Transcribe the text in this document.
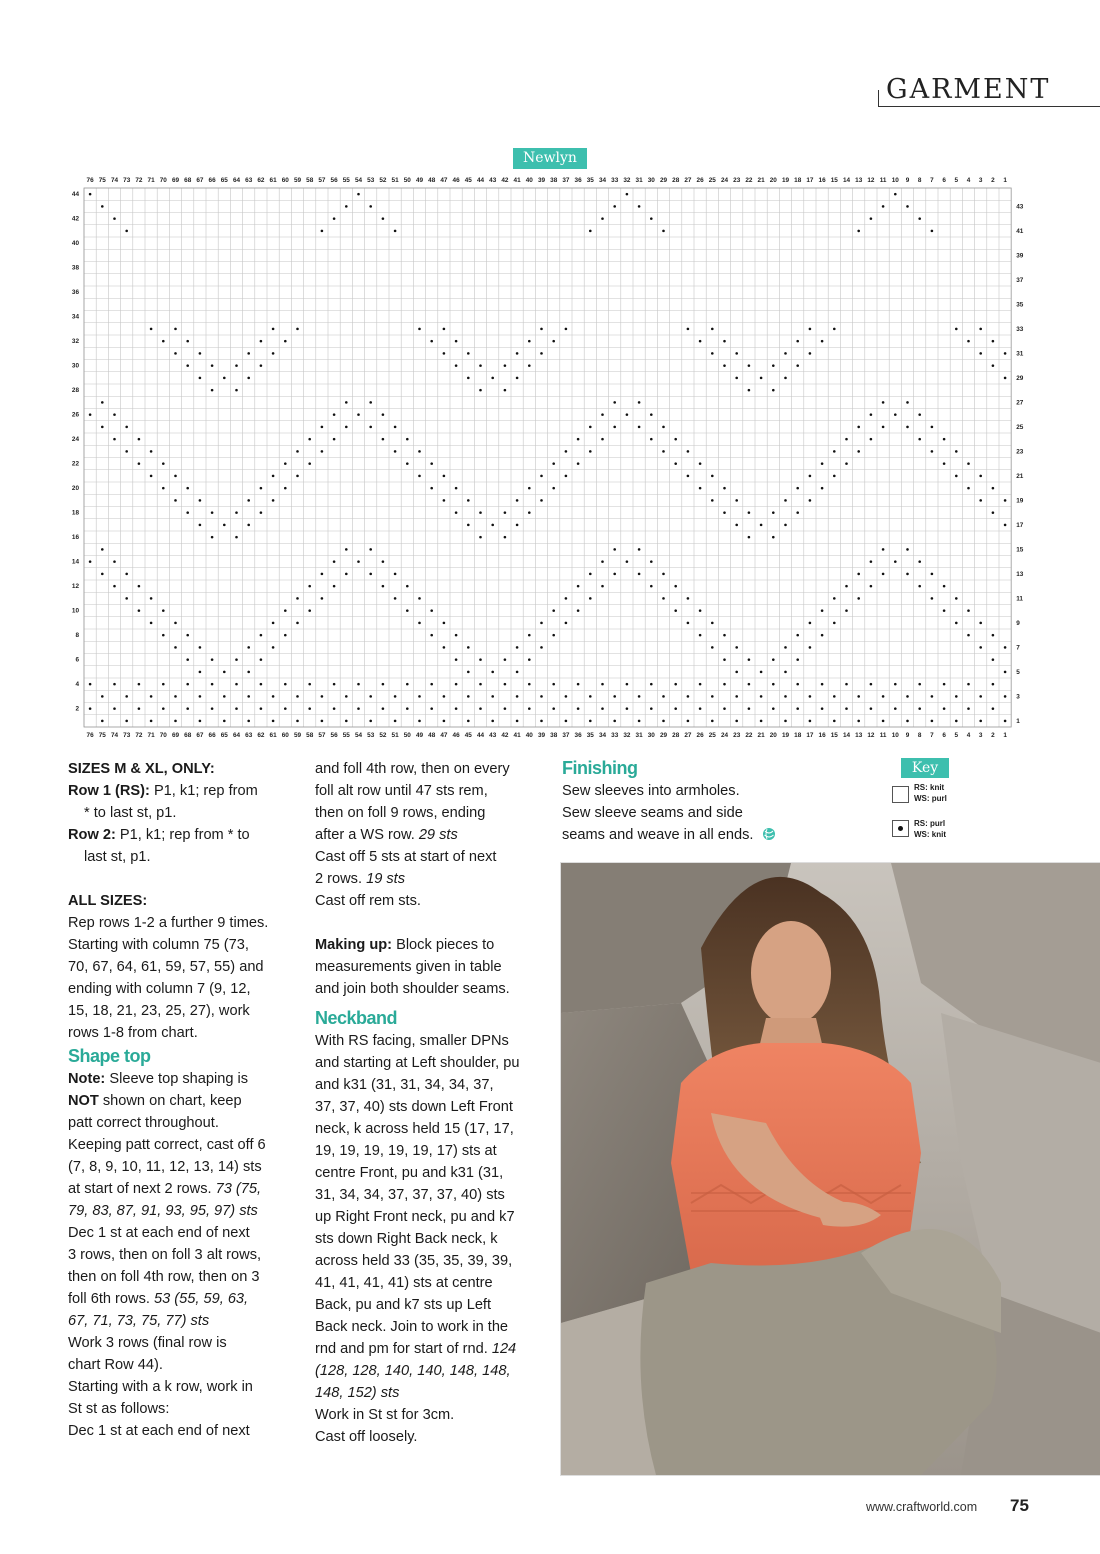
GARMENT
Newlyn
76
76
75
75
74
74
73
73
72
72
71
71
70
70
69
69
68
68
67
67
66
66
65
65
64
64
63
63
62
62
61
61
60
60
59
59
58
58
57
57
56
56
55
55
54
54
53
53
52
52
51
51
50
50
49
49
48
48
47
47
46
46
45
45
44
44
43
43
42
42
41
41
40
40
39
39
38
38
37
37
36
36
35
35
34
34
33
33
32
32
31
31
30
30
29
29
28
28
27
27
26
26
25
25
24
24
23
23
22
22
21
21
20
20
19
19
18
18
17
17
16
16
15
15
14
14
13
13
12
12
11
11
10
10
9
9
8
8
7
7
6
6
5
5
4
4
3
3
2
2
1
1
44
42
40
38
36
34
32
30
28
26
24
22
20
18
16
14
12
10
8
6
4
2
43
41
39
37
35
33
31
29
27
25
23
21
19
17
15
13
11
9
7
5
3
1

SIZES M & XL, ONLY:

Row 1 (RS): P1, k1; rep from

* to last st, p1.

Row 2: P1, k1; rep from * to

last st, p1.

ALL SIZES:

Rep rows 1-2 a further 9 times.

Starting with column 75 (73,

70, 67, 64, 61, 59, 57, 55) and

ending with column 7 (9, 12,

15, 18, 21, 23, 25, 27), work

rows 1-8 from chart.

Shape top

Note: Sleeve top shaping is

NOT shown on chart, keep

patt correct throughout.

Keeping patt correct, cast off 6

(7, 8, 9, 10, 11, 12, 13, 14) sts

at start of next 2 rows. 73 (75,

79, 83, 87, 91, 93, 95, 97) sts

Dec 1 st at each end of next

3 rows, then on foll 3 alt rows,

then on foll 4th row, then on 3

foll 6th rows. 53 (55, 59, 63,

67, 71, 73, 75, 77) sts

Work 3 rows (final row is

chart Row 44).

Starting with a k row, work in

St st as follows:

Dec 1 st at each end of next

and foll 4th row, then on every

foll alt row until 47 sts rem,

then on foll 9 rows, ending

after a WS row. 29 sts

Cast off 5 sts at start of next

2 rows. 19 sts

Cast off rem sts.

Making up: Block pieces to

measurements given in table

and join both shoulder seams.

Neckband

With RS facing, smaller DPNs

and starting at Left shoulder, pu

and k31 (31, 31, 34, 34, 37,

37, 37, 40) sts down Left Front

neck, k across held 15 (17, 17,

19, 19, 19, 19, 19, 17) sts at

centre Front, pu and k31 (31,

31, 34, 34, 37, 37, 37, 40) sts

up Right Front neck, pu and k7

sts down Right Back neck, k

across held 33 (35, 35, 39, 39,

41, 41, 41, 41) sts at centre

Back, pu and k7 sts up Left

Back neck. Join to work in the

rnd and pm for start of rnd. 124

(128, 128, 140, 140, 148, 148,

148, 152) sts

Work in St st for 3cm.

Cast off loosely.

Finishing

Sew sleeves into armholes.

Sew sleeve seams and side

seams and weave in all ends.

Key
RS: knit
WS: purl
RS: purl
WS: knit
www.craftworld.com 75
